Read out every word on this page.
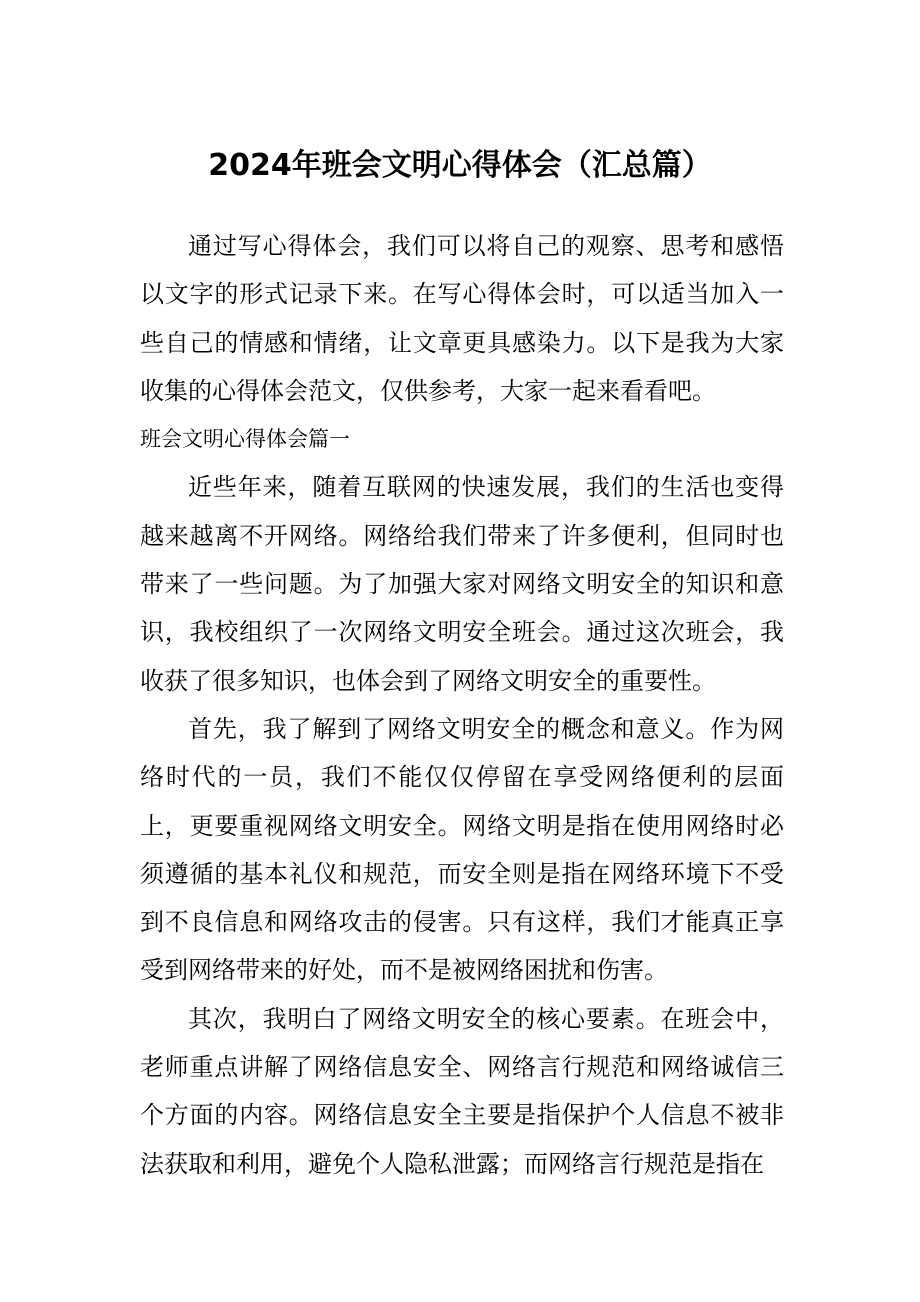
2024年班会文明心得体会（汇总篇）

通过写心得体会，我们可以将自己的观察、思考和感悟以文字的形式记录下来。在写心得体会时，可以适当加入一些自己的情感和情绪，让文章更具感染力。以下是我为大家收集的心得体会范文，仅供参考，大家一起来看看吧。

班会文明心得体会篇一

近些年来，随着互联网的快速发展，我们的生活也变得越来越离不开网络。网络给我们带来了许多便利，但同时也带来了一些问题。为了加强大家对网络文明安全的知识和意识，我校组织了一次网络文明安全班会。通过这次班会，我收获了很多知识，也体会到了网络文明安全的重要性。

首先，我了解到了网络文明安全的概念和意义。作为网络时代的一员，我们不能仅仅停留在享受网络便利的层面上，更要重视网络文明安全。网络文明是指在使用网络时必须遵循的基本礼仪和规范，而安全则是指在网络环境下不受到不良信息和网络攻击的侵害。只有这样，我们才能真正享受到网络带来的好处，而不是被网络困扰和伤害。

其次，我明白了网络文明安全的核心要素。在班会中，老师重点讲解了网络信息安全、网络言行规范和网络诚信三个方面的内容。网络信息安全主要是指保护个人信息不被非法获取和利用，避免个人隐私泄露；而网络言行规范是指在
